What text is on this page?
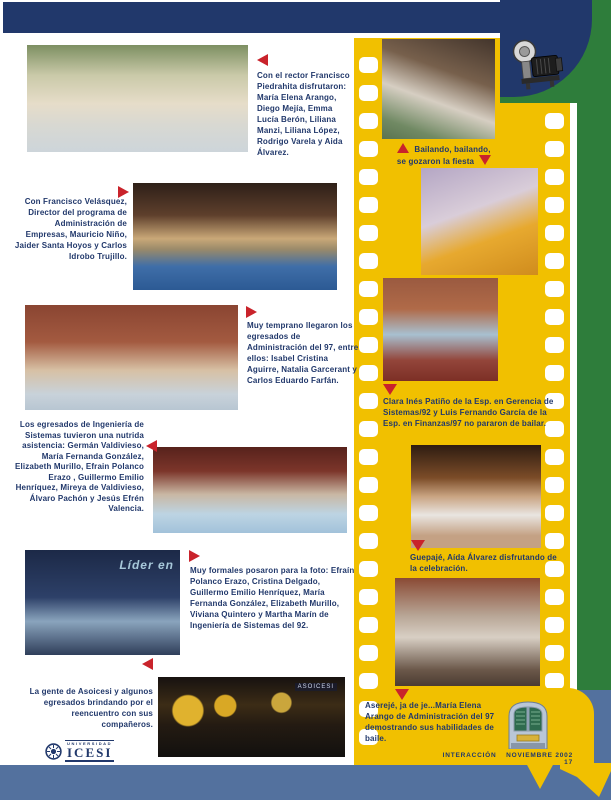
Bailando, bailando,
se gozaron la fiesta
Clara Inés Patiño de la Esp. en Gerencia de Sistemas/92 y Luis Fernando García de la Esp. en Finanzas/97 no pararon de bailar.
Guepajé, Aída Álvarez disfrutando de la celebración.
Aserejé, ja de je...María Elena Arango de Administración del 97 demostrando sus habilidades de baile.
INTERACCIÓN NOVIEMBRE 2002 17
Con el rector Francisco Piedrahita disfrutaron: María Elena Arango, Diego Mejía, Emma Lucía Berón, Liliana Manzi, Liliana López, Rodrigo Varela y Aida Álvarez.
Con Francisco Velásquez, Director del programa de Administración de Empresas, Mauricio Niño, Jaider Santa Hoyos y Carlos Idrobo Trujillo.
Muy temprano llegaron los egresados de Administración del 97, entre ellos: Isabel Cristina Aguirre, Natalia Garcerant y Carlos Eduardo Farfán.
Los egresados de Ingeniería de Sistemas tuvieron una nutrida asistencia: Germán Valdivieso, María Fernanda González, Elizabeth Murillo, Efrain Polanco Erazo , Guillermo Emilio Henríquez, Mireya de Valdivieso, Álvaro Pachón y Jesús Efrén Valencia.
Líder en Muy formales posaron para la foto: Efraín Polanco Erazo, Cristina Delgado, Guillermo Emilio Henríquez, María Fernanda González, Elizabeth Murillo, Viviana Quintero y Martha Marín de Ingeniería de Sistemas del 92.
ASOICESI
La gente de Asoicesi y algunos egresados brindando por el reencuentro con sus compañeros.
UNIVERSIDAD
ICESI
